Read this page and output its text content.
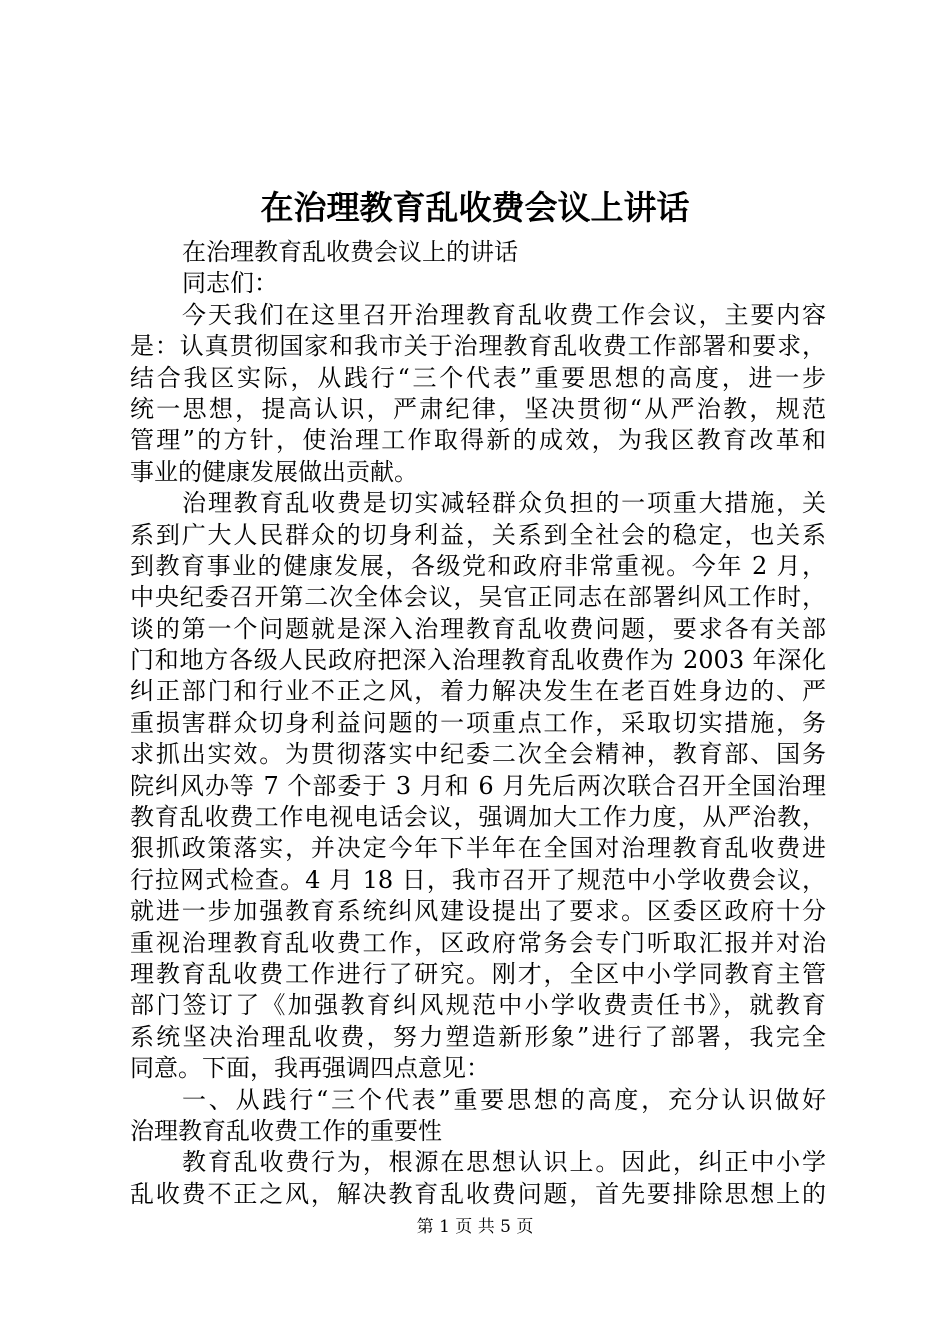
在治理教育乱收费会议上讲话
在治理教育乱收费会议上的讲话
同志们：
今天我们在这里召开治理教育乱收费工作会议，主要内容
是：认真贯彻国家和我市关于治理教育乱收费工作部署和要求，
结合我区实际，从践行“三个代表”重要思想的高度，进一步
统一思想，提高认识，严肃纪律，坚决贯彻“从严治教，规范
管理”的方针，使治理工作取得新的成效，为我区教育改革和
事业的健康发展做出贡献。
治理教育乱收费是切实减轻群众负担的一项重大措施，关
系到广大人民群众的切身利益，关系到全社会的稳定，也关系
到教育事业的健康发展，各级党和政府非常重视。今年 2 月，
中央纪委召开第二次全体会议，吴官正同志在部署纠风工作时，
谈的第一个问题就是深入治理教育乱收费问题，要求各有关部
门和地方各级人民政府把深入治理教育乱收费作为 2003 年深化
纠正部门和行业不正之风，着力解决发生在老百姓身边的、严
重损害群众切身利益问题的一项重点工作，采取切实措施，务
求抓出实效。为贯彻落实中纪委二次全会精神，教育部、国务
院纠风办等 7 个部委于 3 月和 6 月先后两次联合召开全国治理
教育乱收费工作电视电话会议，强调加大工作力度，从严治教，
狠抓政策落实，并决定今年下半年在全国对治理教育乱收费进
行拉网式检查。4 月 18 日，我市召开了规范中小学收费会议，
就进一步加强教育系统纠风建设提出了要求。区委区政府十分
重视治理教育乱收费工作，区政府常务会专门听取汇报并对治
理教育乱收费工作进行了研究。刚才，全区中小学同教育主管
部门签订了《加强教育纠风规范中小学收费责任书》，就教育
系统坚决治理乱收费，努力塑造新形象”进行了部署，我完全
同意。下面，我再强调四点意见：
一、从践行“三个代表”重要思想的高度，充分认识做好
治理教育乱收费工作的重要性
教育乱收费行为，根源在思想认识上。因此，纠正中小学
乱收费不正之风，解决教育乱收费问题，首先要排除思想上的
第 1 页 共 5 页
